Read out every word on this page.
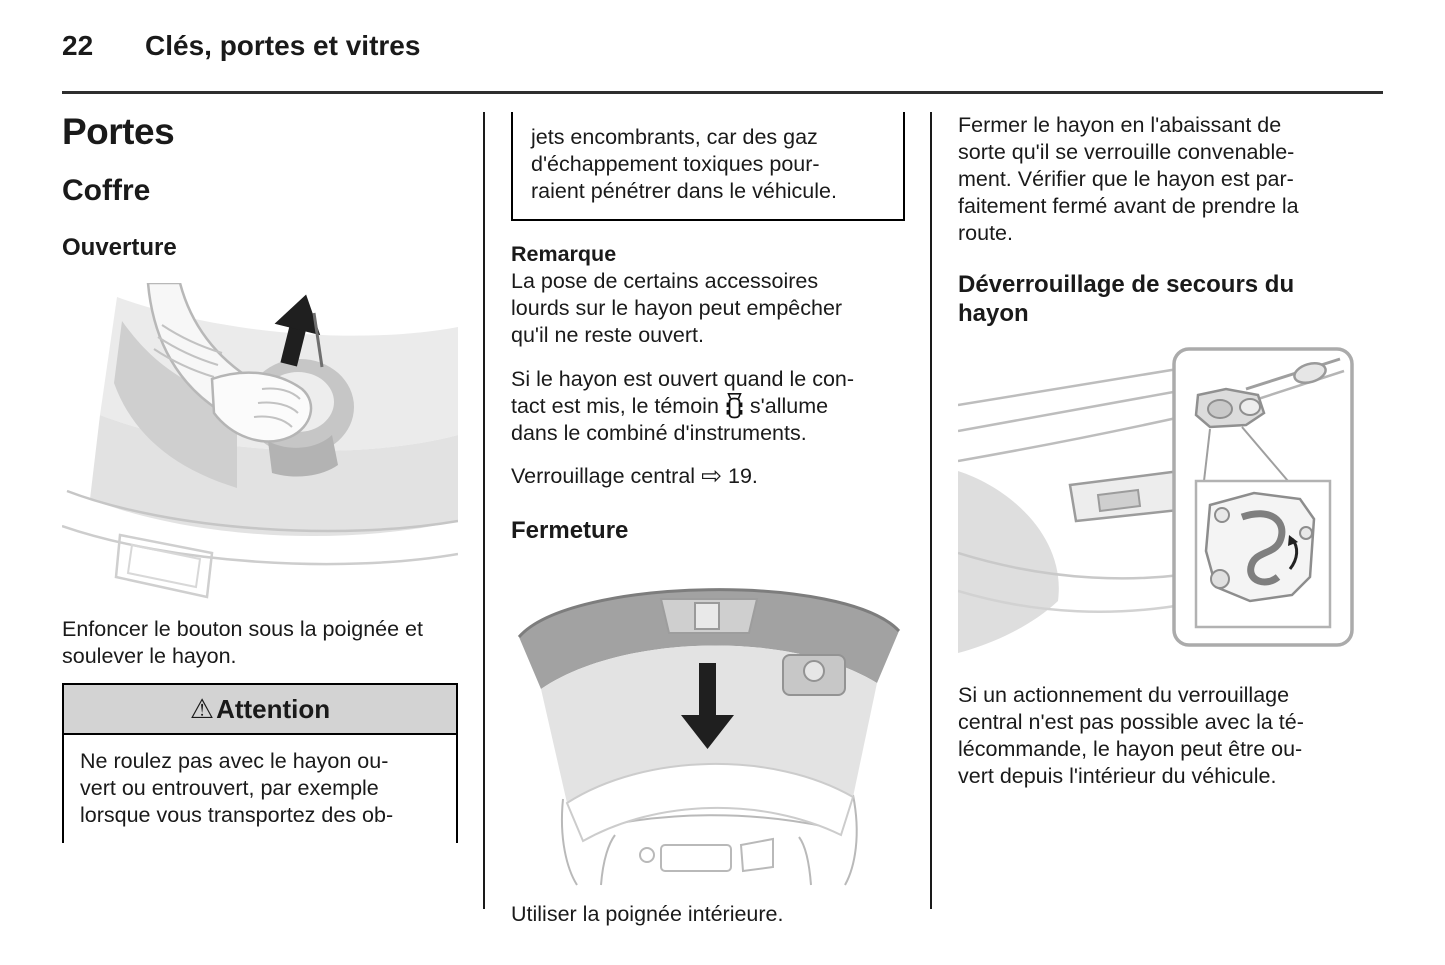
22 Clés, portes et vitres
Portes
Coffre
Ouverture
Enfoncer le bouton sous la poignée et
soulever le hayon.
⚠ Attention
Ne roulez pas avec le hayon ou-
vert ou entrouvert, par exemple
lorsque vous transportez des ob-
jets encombrants, car des gaz
d'échappement toxiques pour-
raient pénétrer dans le véhicule.
Remarque
La pose de certains accessoires
lourds sur le hayon peut empêcher
qu'il ne reste ouvert.
Si le hayon est ouvert quand le con-
tact est mis, le témoin s'allume
dans le combiné d'instruments.
Verrouillage central ⇨ 19.
Fermeture
Utiliser la poignée intérieure.
Fermer le hayon en l'abaissant de
sorte qu'il se verrouille convenable-
ment. Vérifier que le hayon est par-
faitement fermé avant de prendre la
route.
Déverrouillage de secours du
hayon
Si un actionnement du verrouillage
central n'est pas possible avec la té-
lécommande, le hayon peut être ou-
vert depuis l'intérieur du véhicule.
